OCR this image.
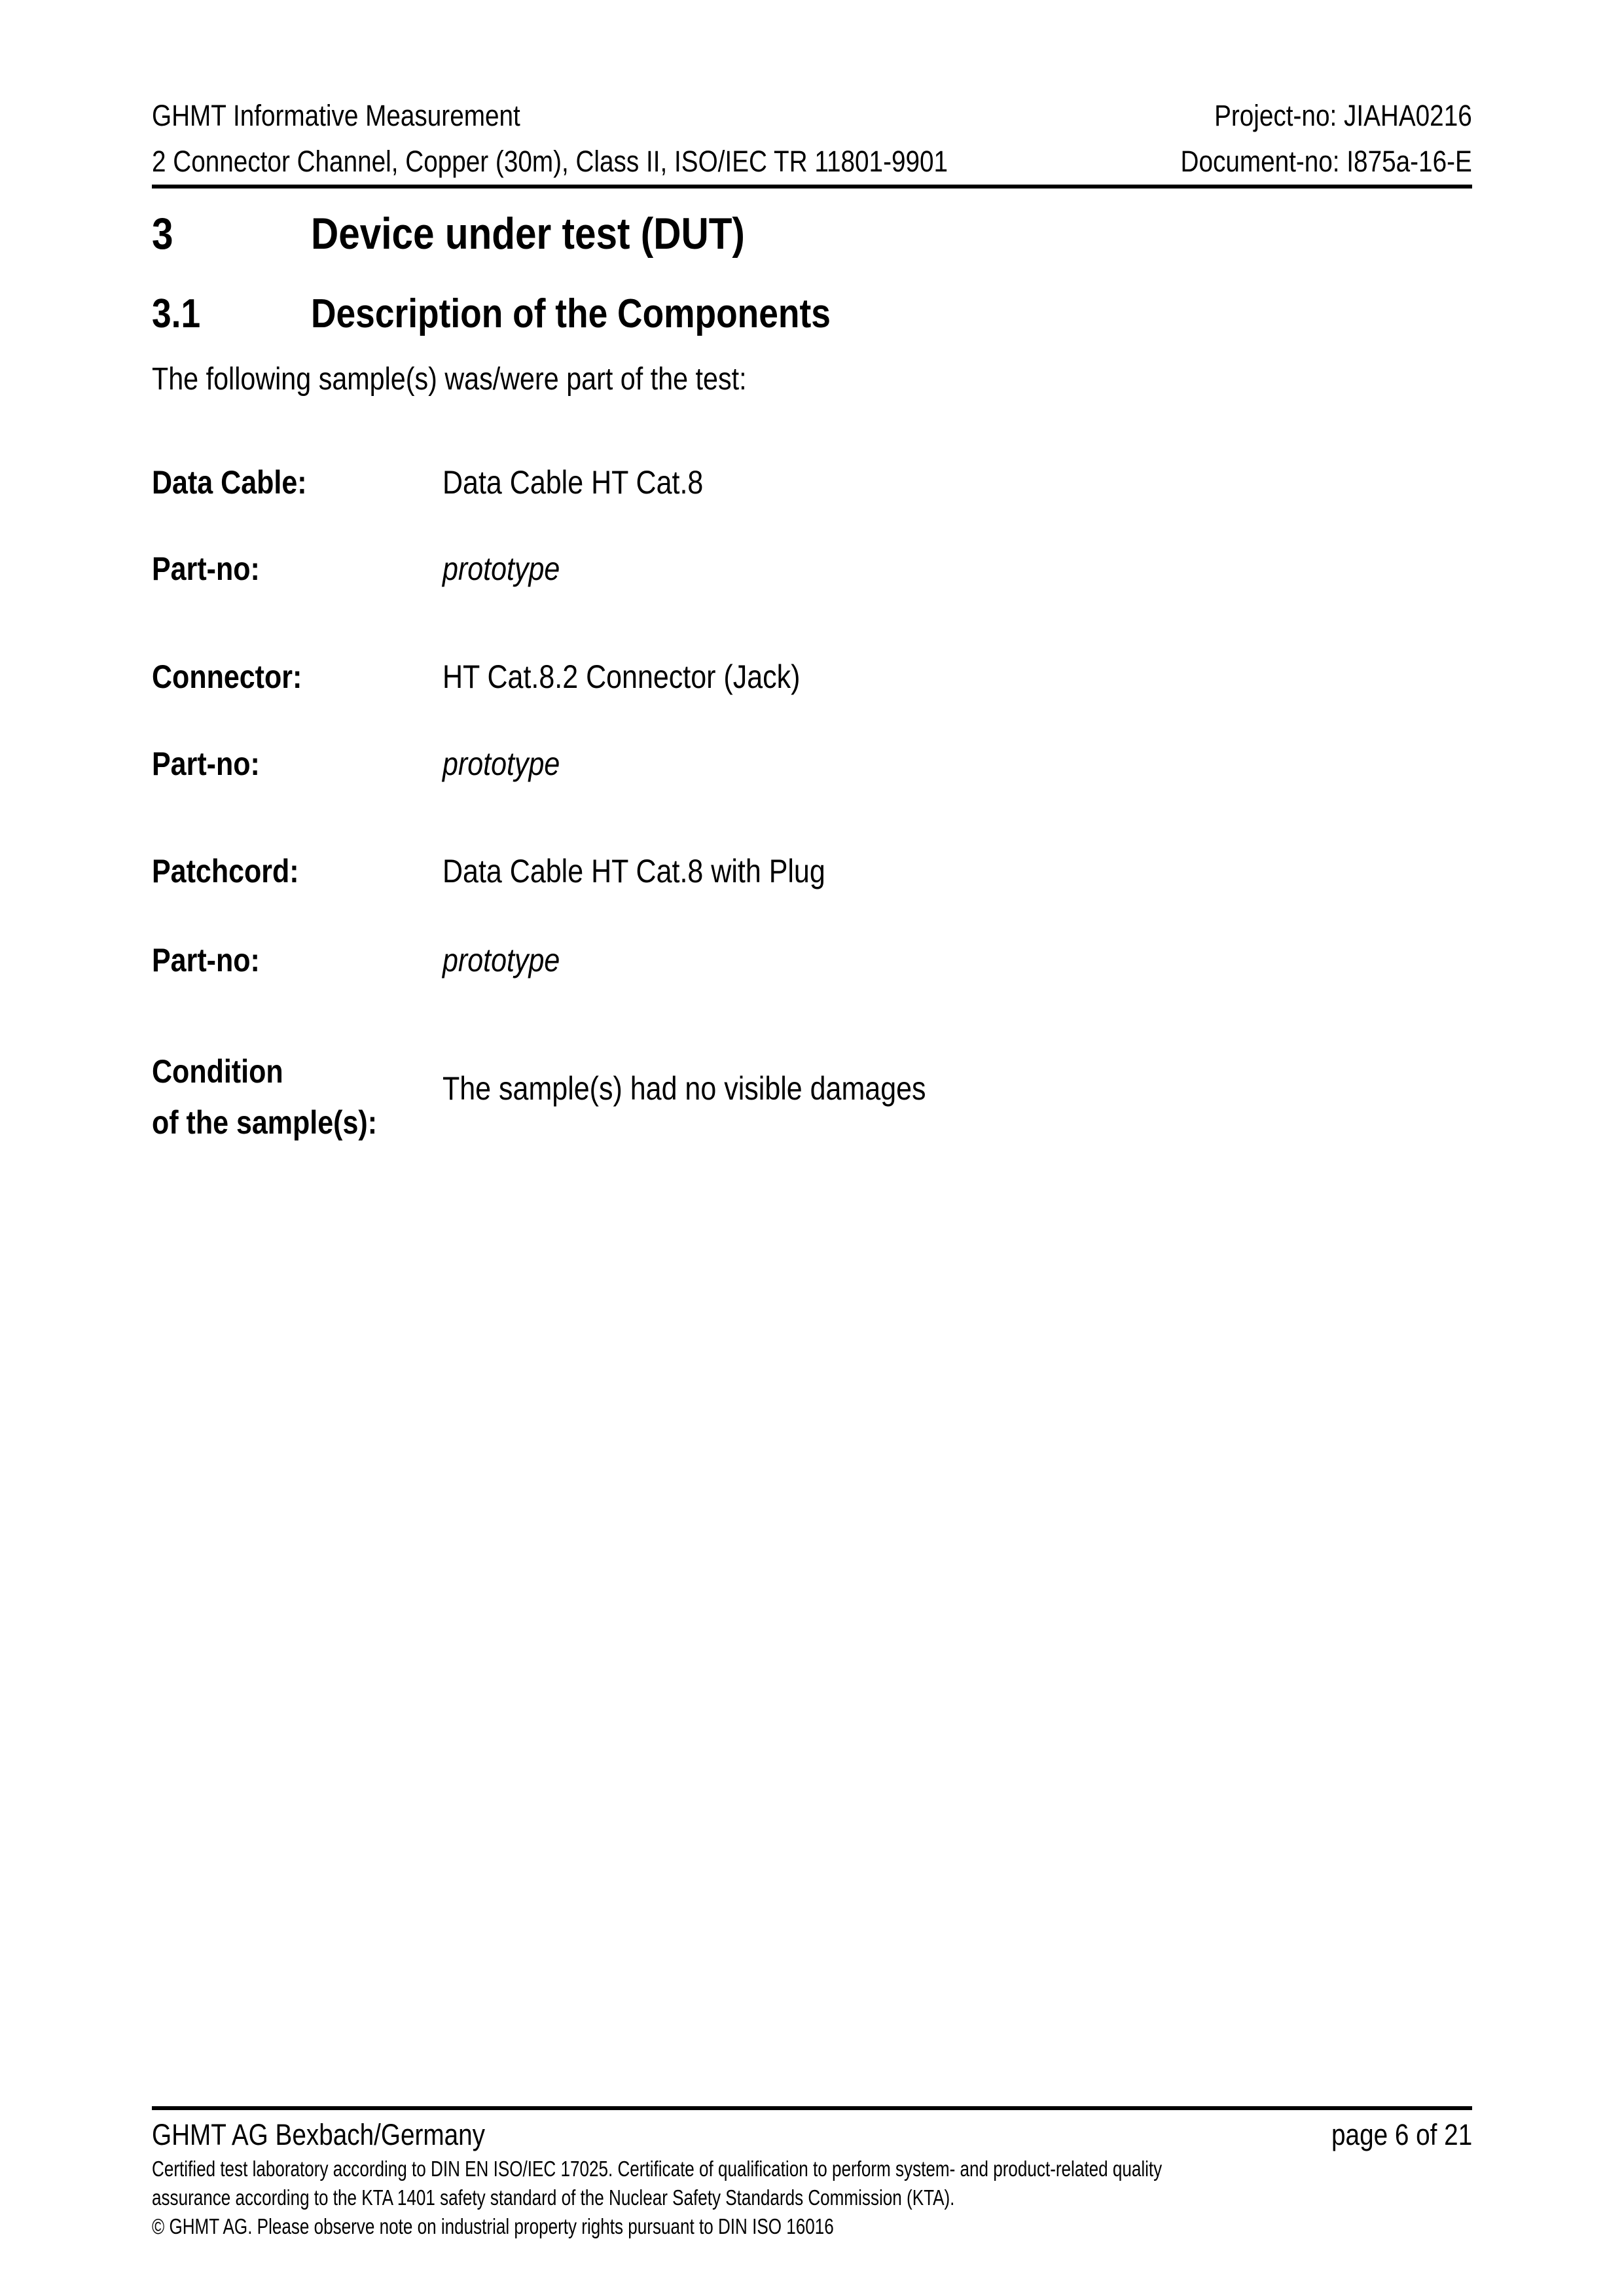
GHMT Informative Measurement	Project-no: JIAHA0216
2 Connector Channel, Copper (30m), Class II, ISO/IEC TR 11801-9901	Document-no: I875a-16-E
3	Device under test (DUT)
3.1	Description of the Components
The following sample(s) was/were part of the test:
Data Cable:	Data Cable HT Cat.8
Part-no:	prototype
Connector:	HT Cat.8.2 Connector (Jack)
Part-no:	prototype
Patchcord:	Data Cable HT Cat.8 with Plug
Part-no:	prototype
Condition
of the sample(s):
The sample(s) had no visible damages
GHMT AG Bexbach/Germany	page 6 of 21
Certified test laboratory according to DIN EN ISO/IEC 17025. Certificate of qualification to perform system- and product-related quality
assurance according to the KTA 1401 safety standard of the Nuclear Safety Standards Commission (KTA).
© GHMT AG. Please observe note on industrial property rights pursuant to DIN ISO 16016
